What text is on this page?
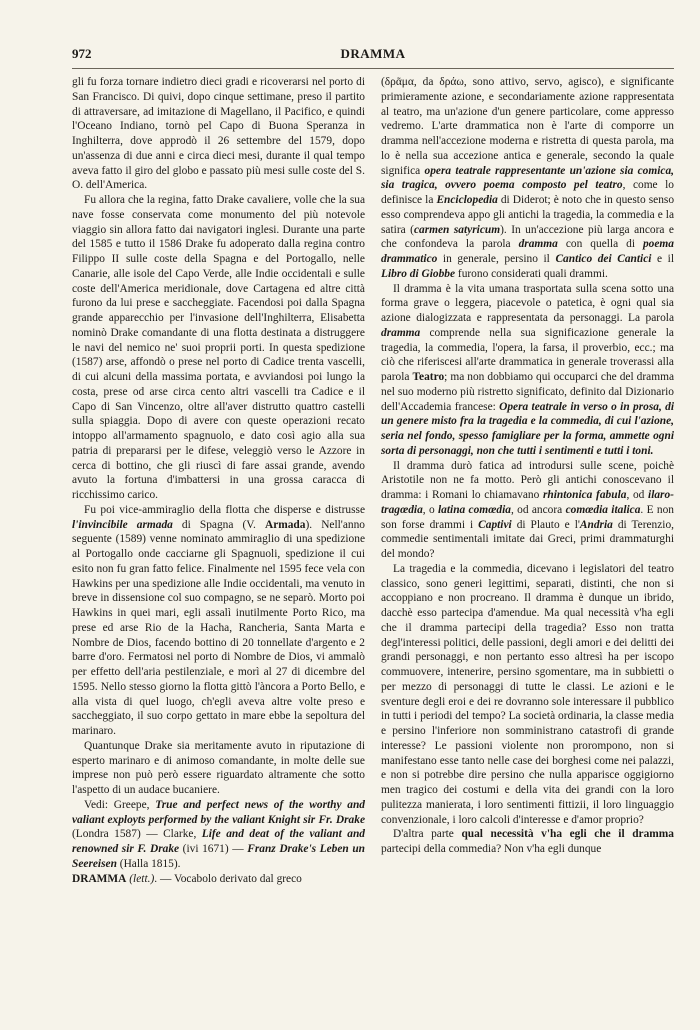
972	DRAMMA

gli fu forza tornare indietro dieci gradi e ricoverarsi nel porto di San Francisco. Di quivi, dopo cinque settimane, preso il partito di attraversare, ad imitazione di Magellano, il Pacifico, e quindi l'Oceano Indiano, tornò pel Capo di Buona Speranza in Inghilterra, dove approdò il 26 settembre del 1579, dopo un'assenza di due anni e circa dieci mesi, durante il qual tempo aveva fatto il giro del globo e passato più mesi sulle coste del S. O. dell'America.

Fu allora che la regina, fatto Drake cavaliere, volle che la sua nave fosse conservata come monumento del più notevole viaggio sin allora fatto dai navigatori inglesi. Durante una parte del 1585 e tutto il 1586 Drake fu adoperato dalla regina contro Filippo II sulle coste della Spagna e del Portogallo, nelle Canarie, alle isole del Capo Verde, alle Indie occidentali e sulle coste dell'America meridionale, dove Cartagena ed altre città furono da lui prese e saccheggiate. Facendosi poi dalla Spagna grande apparecchio per l'invasione dell'Inghilterra, Elisabetta nominò Drake comandante di una flotta destinata a distruggere le navi del nemico ne' suoi proprii porti. In questa spedizione (1587) arse, affondò o prese nel porto di Cadice trenta vascelli, di cui alcuni della massima portata, e avviandosi poi lungo la costa, prese od arse circa cento altri vascelli tra Cadice e il Capo di San Vincenzo, oltre all'aver distrutto quattro castelli sulla spiaggia. Dopo di avere con queste operazioni recato intoppo all'armamento spagnuolo, e dato così agio alla sua patria di prepararsi per le difese, veleggiò verso le Azzore in cerca di bottino, che gli riuscì di fare assai grande, avendo avuto la fortuna d'imbattersi in una grossa caracca di ricchissimo carico.

Fu poi vice-ammiraglio della flotta che disperse e distrusse l'invincibile armada di Spagna (V. Armada). Nell'anno seguente (1589) venne nominato ammiraglio di una spedizione al Portogallo onde cacciarne gli Spagnuoli, spedizione il cui esito non fu gran fatto felice. Finalmente nel 1595 fece vela con Hawkins per una spedizione alle Indie occidentali, ma venuto in breve in dissensione col suo compagno, se ne separò. Morto poi Hawkins in quei mari, egli assalì inutilmente Porto Rico, ma prese ed arse Rio de la Hacha, Rancheria, Santa Marta e Nombre de Dios, facendo bottino di 20 tonnellate d'argento e 2 barre d'oro. Fermatosi nel porto di Nombre de Dios, vi ammalò per effetto dell'aria pestilenziale, e morì al 27 di dicembre del 1595. Nello stesso giorno la flotta gittò l'àncora a Porto Bello, e alla vista di quel luogo, ch'egli aveva altre volte preso e saccheggiato, il suo corpo gettato in mare ebbe la sepoltura del marinaro.

Quantunque Drake sia meritamente avuto in riputazione di esperto marinaro e di animoso comandante, in molte delle sue imprese non può però essere riguardato altramente che sotto l'aspetto di un audace bucaniere.

Vedi: Greepe, True and perfect news of the worthy and valiant exployts performed by the valiant Knight sir Fr. Drake (Londra 1587) — Clarke, Life and deat of the valiant and renowned sir F. Drake (ivi 1671) — Franz Drake's Leben un Seereisen (Halla 1815).

DRAMMA (lett.). — Vocabolo derivato dal greco

(δρᾶμα, da δράω, sono attivo, servo, agisco), e significante primieramente azione, e secondariamente azione rappresentata al teatro, ma un'azione d'un genere particolare, come appresso vedremo. L'arte drammatica non è l'arte di comporre un dramma nell'accezione moderna e ristretta di questa parola, ma lo è nella sua accezione antica e generale, secondo la quale significa opera teatrale rappresentante un'azione sia comica, sia tragica, ovvero poema composto pel teatro, come lo definisce la Enciclopedia di Diderot; è noto che in questo senso esso comprendeva appo gli antichi la tragedia, la commedia e la satira (carmen satyricum). In un'accezione più larga ancora e che confondeva la parola dramma con quella di poema drammatico in generale, persino il Cantico dei Cantici e il Libro di Giobbe furono considerati quali drammi.

Il dramma è la vita umana trasportata sulla scena sotto una forma grave o leggera, piacevole o patetica, è ogni qual sia azione dialogizzata e rappresentata da personaggi. La parola dramma comprende nella sua significazione generale la tragedia, la commedia, l'opera, la farsa, il proverbio, ecc.; ma ciò che riferiscesi all'arte drammatica in generale troverassi alla parola Teatro; ma non dobbiamo qui occuparci che del dramma nel suo moderno più ristretto significato, definito dal Dizionario dell'Accademia francese: Opera teatrale in verso o in prosa, di un genere misto fra la tragedia e la commedia, di cui l'azione, seria nel fondo, spesso famigliare per la forma, ammette ogni sorta di personaggi, non che tutti i sentimenti e tutti i toni.

Il dramma durò fatica ad introdursi sulle scene, poichè Aristotile non ne fa motto. Però gli antichi conoscevano il dramma: i Romani lo chiamavano rhintonica fabula, od ilaro-tragœdia, o latina comœdia, od ancora comœdia italica. E non son forse drammi i Captivi di Plauto e l'Andria di Terenzio, commedie sentimentali imitate dai Greci, primi drammaturghi del mondo?

La tragedia e la commedia, dicevano i legislatori del teatro classico, sono generi legittimi, separati, distinti, che non si accoppiano e non procreano. Il dramma è dunque un ibrido, dacchè esso partecipa d'amendue. Ma qual necessità v'ha egli che il dramma partecipi della tragedia? Esso non tratta degl'interessi politici, delle passioni, degli amori e dei delitti dei grandi personaggi, e non pertanto esso altresì ha per iscopo commuovere, intenerire, persino sgomentare, ma in subbietti o per mezzo di personaggi di tutte le classi. Le azioni e le sventure degli eroi e dei re dovranno sole interessare il pubblico in tutti i periodi del tempo? La società ordinaria, la classe media e persino l'inferiore non somministrano catastrofi di grande interesse? Le passioni violente non prorompono, non si manifestano esse tanto nelle case dei borghesi come nei palazzi, e non si potrebbe dire persino che nulla apparisce oggigiorno men tragico dei costumi e della vita dei grandi con la loro pulitezza manierata, i loro sentimenti fittizii, il loro linguaggio convenzionale, i loro calcoli d'interesse e d'amor proprio?

D'altra parte qual necessità v'ha egli che il dramma partecipi della commedia? Non v'ha egli dunque
